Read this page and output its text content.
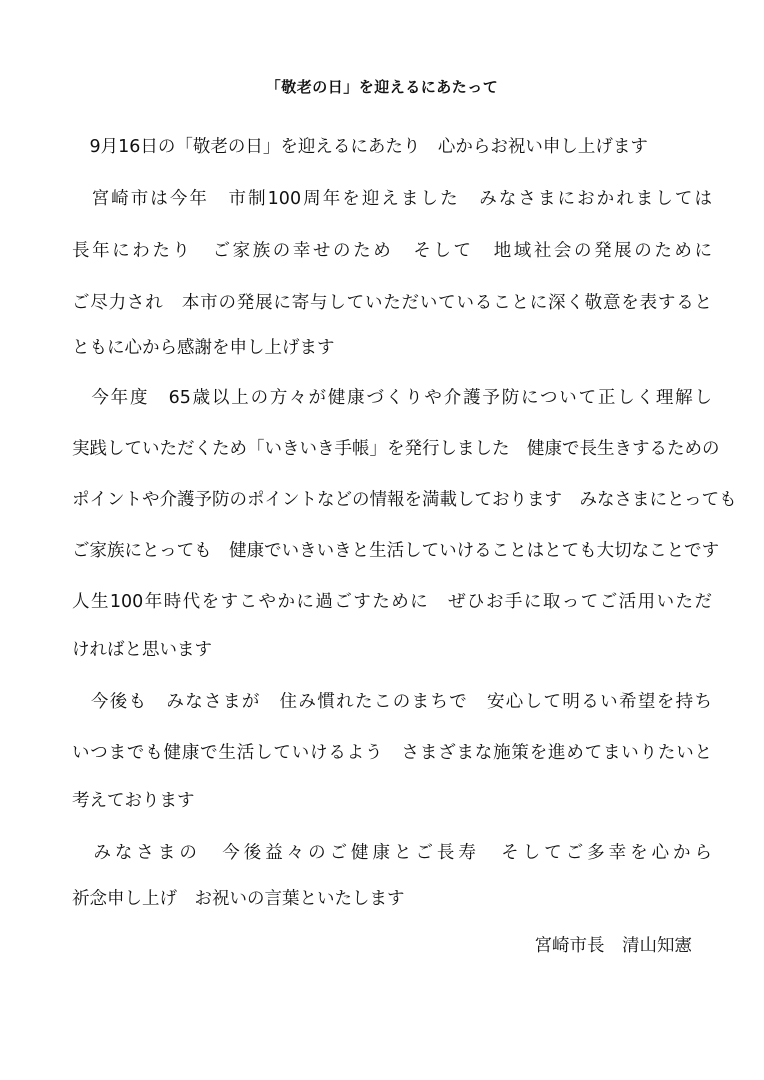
「敬老の日」を迎えるにあたって
　9月16日の「敬老の日」を迎えるにあたり　心からお祝い申し上げます
　宮崎市は今年　市制100周年を迎えました　みなさまにおかれましては
長年にわたり　ご家族の幸せのため　そして　地域社会の発展のために
ご尽力され　本市の発展に寄与していただいていることに深く敬意を表すると
ともに心から感謝を申し上げます
　今年度　65歳以上の方々が健康づくりや介護予防について正しく理解し
実践していただくため「いきいき手帳」を発行しました　健康で長生きするための
ポイントや介護予防のポイントなどの情報を満載しております　みなさまにとっても
ご家族にとっても　健康でいきいきと生活していけることはとても大切なことです
人生100年時代をすこやかに過ごすために　ぜひお手に取ってご活用いただ
ければと思います
　今後も　みなさまが　住み慣れたこのまちで　安心して明るい希望を持ち
いつまでも健康で生活していけるよう　さまざまな施策を進めてまいりたいと
考えております
　みなさまの　今後益々のご健康とご長寿　そしてご多幸を心から
祈念申し上げ　お祝いの言葉といたします
宮崎市長　清山知憲
